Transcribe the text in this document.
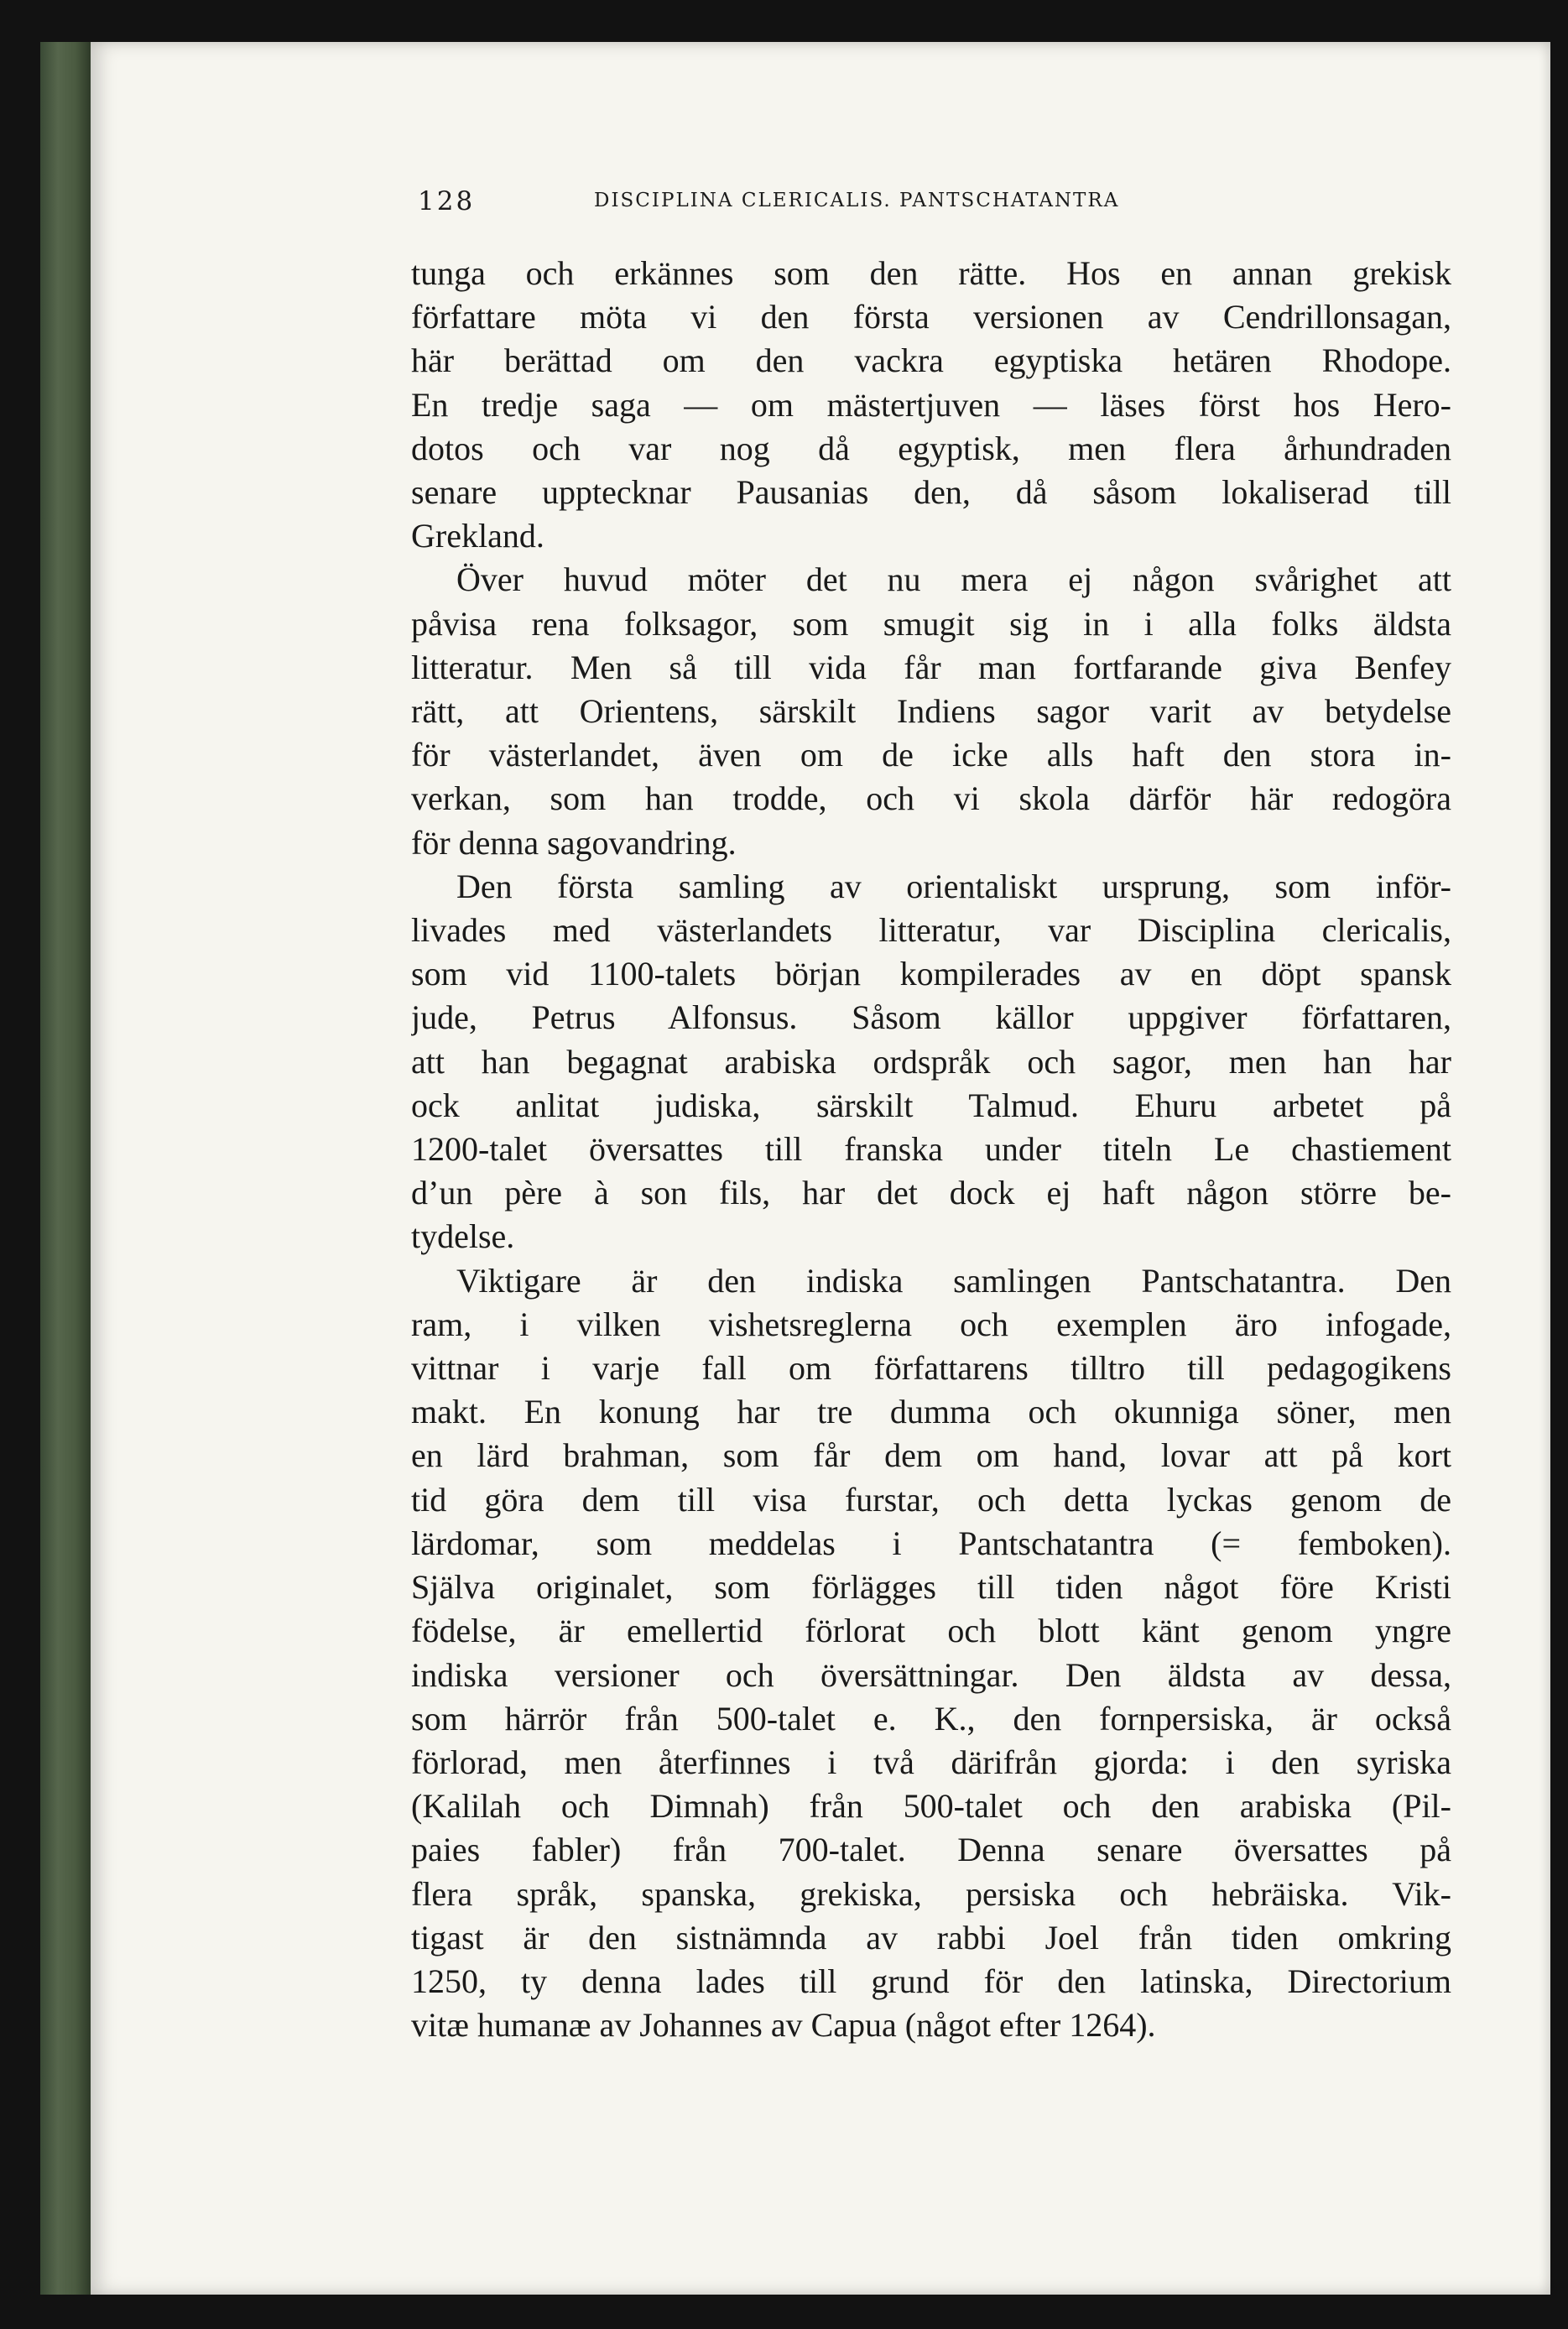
128	DISCIPLINA CLERICALIS. PANTSCHATANTRA
tunga och erkännes som den rätte. Hos en annan grekisk
författare möta vi den första versionen av Cendrillonsagan,
här berättad om den vackra egyptiska hetären Rhodope.
En tredje saga — om mästertjuven — läses först hos Hero-
dotos och var nog då egyptisk, men flera århundraden
senare upptecknar Pausanias den, då såsom lokaliserad till
Grekland.
Över huvud möter det nu mera ej någon svårighet att
påvisa rena folksagor, som smugit sig in i alla folks äldsta
litteratur. Men så till vida får man fortfarande giva Benfey
rätt, att Orientens, särskilt Indiens sagor varit av betydelse
för västerlandet, även om de icke alls haft den stora in-
verkan, som han trodde, och vi skola därför här redogöra
för denna sagovandring.
Den första samling av orientaliskt ursprung, som inför-
livades med västerlandets litteratur, var Disciplina clericalis,
som vid 1100-talets början kompilerades av en döpt spansk
jude, Petrus Alfonsus. Såsom källor uppgiver författaren,
att han begagnat arabiska ordspråk och sagor, men han har
ock anlitat judiska, särskilt Talmud. Ehuru arbetet på
1200-talet översattes till franska under titeln Le chastiement
d’un père à son fils, har det dock ej haft någon större be-
tydelse.
Viktigare är den indiska samlingen Pantschatantra. Den
ram, i vilken vishetsreglerna och exemplen äro infogade,
vittnar i varje fall om författarens tilltro till pedagogikens
makt. En konung har tre dumma och okunniga söner, men
en lärd brahman, som får dem om hand, lovar att på kort
tid göra dem till visa furstar, och detta lyckas genom de
lärdomar, som meddelas i Pantschatantra (= femboken).
Själva originalet, som förlägges till tiden något före Kristi
födelse, är emellertid förlorat och blott känt genom yngre
indiska versioner och översättningar. Den äldsta av dessa,
som härrör från 500-talet e. K., den fornpersiska, är också
förlorad, men återfinnes i två därifrån gjorda: i den syriska
(Kalilah och Dimnah) från 500-talet och den arabiska (Pil-
paies fabler) från 700-talet. Denna senare översattes på
flera språk, spanska, grekiska, persiska och hebräiska. Vik-
tigast är den sistnämnda av rabbi Joel från tiden omkring
1250, ty denna lades till grund för den latinska, Directorium
vitæ humanæ av Johannes av Capua (något efter 1264).
